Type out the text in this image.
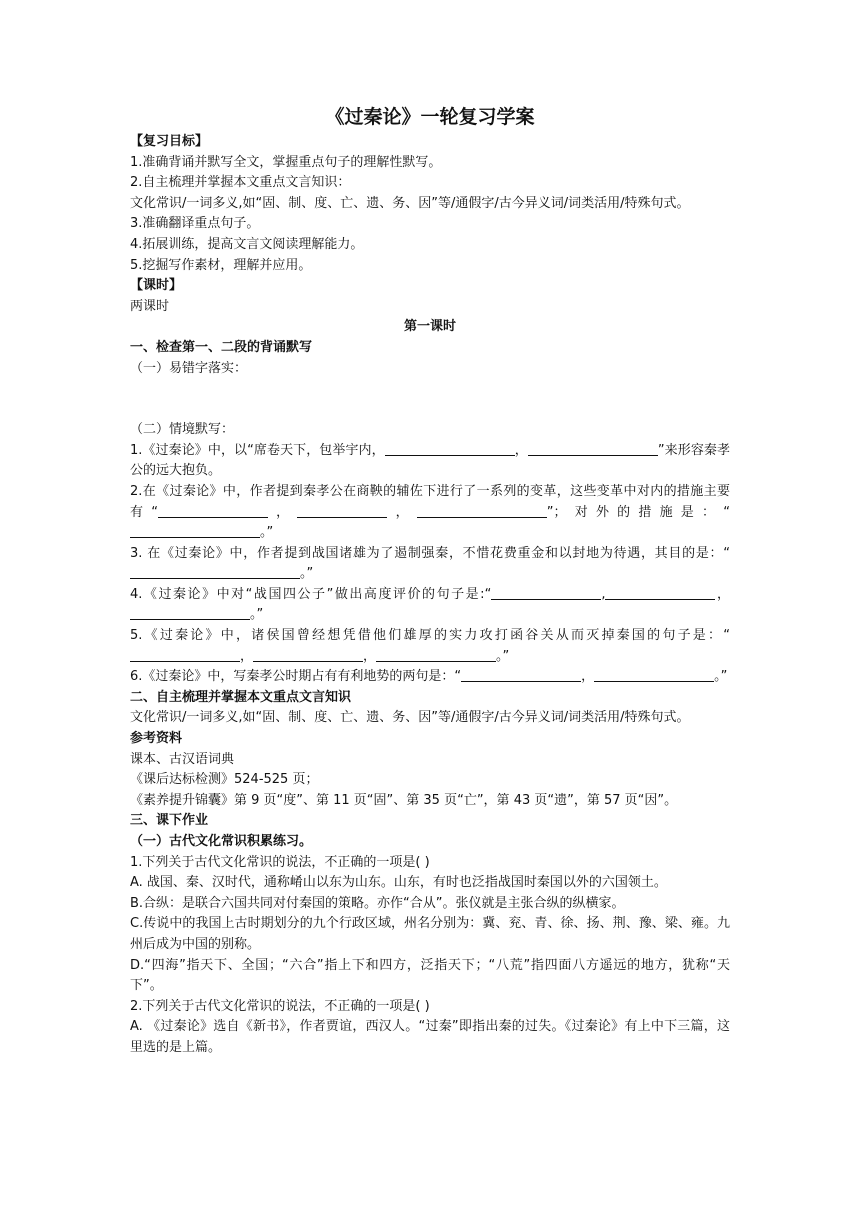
《过秦论》一轮复习学案
【复习目标】
1.准确背诵并默写全文，掌握重点句子的理解性默写。
2.自主梳理并掌握本文重点文言知识：
文化常识/一词多义,如“固、制、度、亡、遗、务、因”等/通假字/古今异义词/词类活用/特殊句式。
3.准确翻译重点句子。
4.拓展训练，提高文言文阅读理解能力。
5.挖掘写作素材，理解并应用。
【课时】
两课时
第一课时
一、检查第一、二段的背诵默写
（一）易错字落实：
（二）情境默写：
1.《过秦论》中，以“席卷天下，包举宇内，	，	”来形容秦孝公的远大抱负。
2.在《过秦论》中，作者提到秦孝公在商鞅的辅佐下进行了一系列的变革，这些变革中对内的措施主要有“	，	，	”；对外的措施是：“。”
3. 在《过秦论》中，作者提到战国诸雄为了遏制强秦，不惜花费重金和以封地为待遇，其目的是：“。”
4.《过秦论》中对“战国四公子”做出高度评价的句子是:“	,	，。”
5.《过秦论》中，诸侯国曾经想凭借他们雄厚的实力攻打函谷关从而灭掉秦国的句子是：“，	，	。”
6.《过秦论》中，写秦孝公时期占有有利地势的两句是：“	，	。”
二、自主梳理并掌握本文重点文言知识
文化常识/一词多义,如“固、制、度、亡、遗、务、因”等/通假字/古今异义词/词类活用/特殊句式。
参考资料
课本、古汉语词典
《课后达标检测》524-525 页；
《素养提升锦囊》第 9 页“度”、第 11 页“固”、第 35 页“亡”，第 43 页“遗”，第 57 页“因”。
三、课下作业
（一）古代文化常识积累练习。
1.下列关于古代文化常识的说法，不正确的一项是( )
A. 战国、秦、汉时代，通称崤山以东为山东。山东，有时也泛指战国时秦国以外的六国领土。
B.合纵：是联合六国共同对付秦国的策略。亦作“合从”。张仪就是主张合纵的纵横家。
C.传说中的我国上古时期划分的九个行政区域，州名分别为：冀、兖、青、徐、扬、荆、豫、梁、雍。九州后成为中国的别称。
D.“四海”指天下、全国；“六合”指上下和四方，泛指天下；“八荒”指四面八方遥远的地方，犹称“天下”。
2.下列关于古代文化常识的说法，不正确的一项是( )
A. 《过秦论》选自《新书》，作者贾谊，西汉人。“过秦”即指出秦的过失。《过秦论》有上中下三篇，这里选的是上篇。
